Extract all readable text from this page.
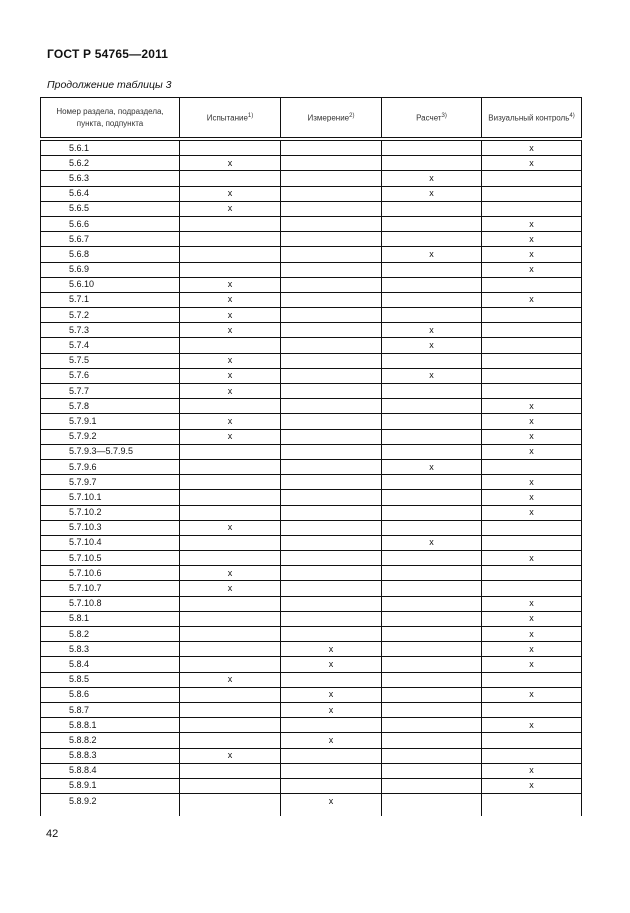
ГОСТ Р 54765—2011
Продолжение таблицы 3
Номер раздела, подраздела, пункта, подпункта	Испытание$^{1)}$	Измерение$^{2)}$	Расчет$^{3)}$	Визуальный контроль$^{4)}$
5.6.1				x
5.6.2	x			x
5.6.3			x	
5.6.4	x		x	
5.6.5	x			
5.6.6				x
5.6.7				x
5.6.8			x	x
5.6.9				x
5.6.10	x			
5.7.1	x			x
5.7.2	x			
5.7.3	x		x	
5.7.4			x	
5.7.5	x			
5.7.6	x		x	
5.7.7	x			
5.7.8				x
5.7.9.1	x			x
5.7.9.2	x			x
5.7.9.3—5.7.9.5				x
5.7.9.6			x	
5.7.9.7				x
5.7.10.1				x
5.7.10.2				x
5.7.10.3	x			
5.7.10.4			x	
5.7.10.5				x
5.7.10.6	x			
5.7.10.7	x			
5.7.10.8				x
5.8.1				x
5.8.2				x
5.8.3		x		x
5.8.4		x		x
5.8.5	x			
5.8.6		x		x
5.8.7		x		
5.8.8.1				x
5.8.8.2		x		
5.8.8.3	x			
5.8.8.4				x
5.8.9.1				x
5.8.9.2		x		
42
